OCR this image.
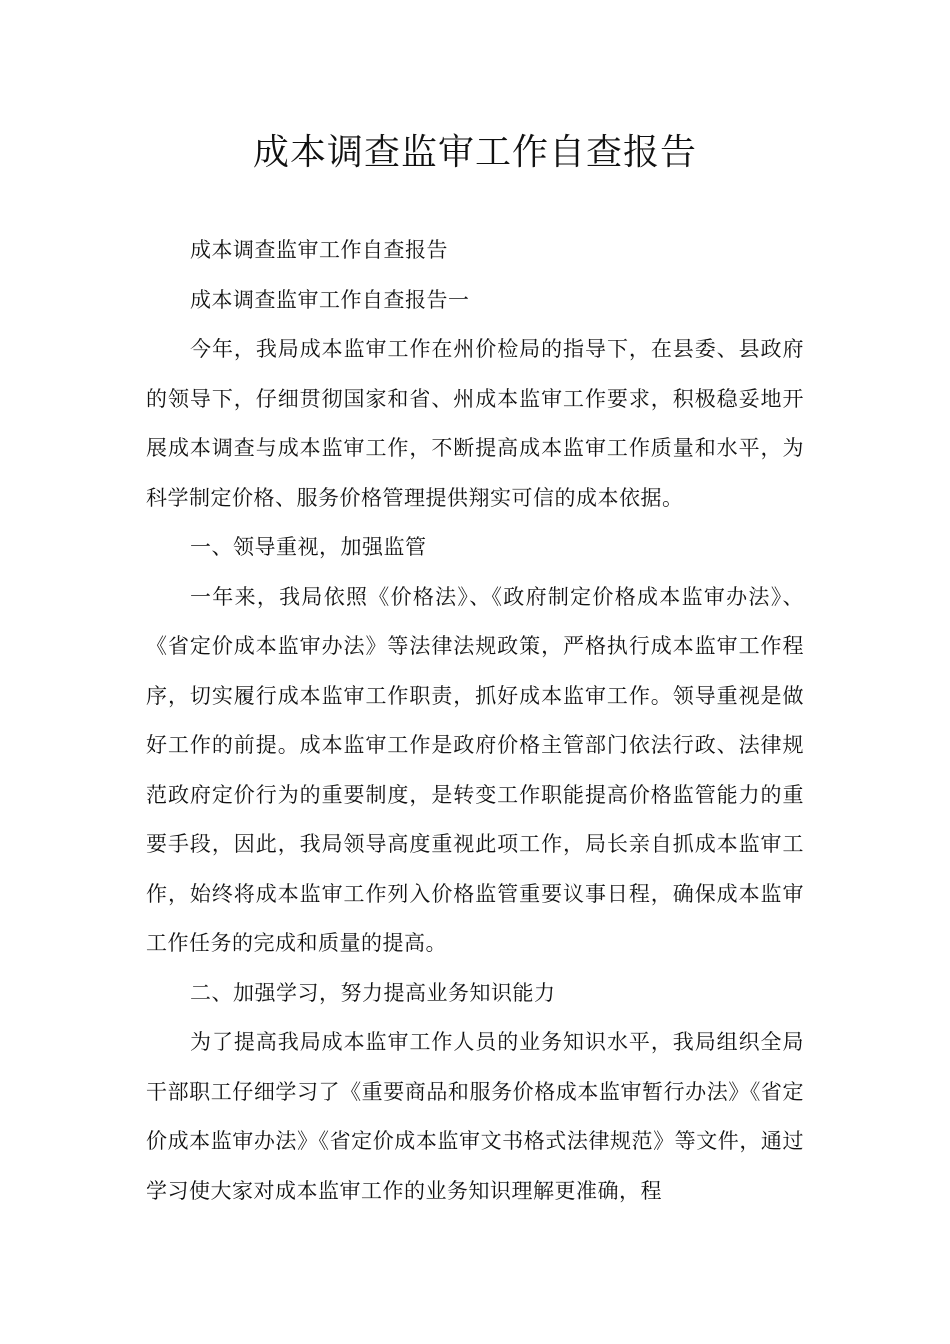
成本调查监审工作自查报告

成本调查监审工作自查报告

成本调查监审工作自查报告一

今年，我局成本监审工作在州价检局的指导下，在县委、县政府的领导下，仔细贯彻国家和省、州成本监审工作要求，积极稳妥地开展成本调查与成本监审工作，不断提高成本监审工作质量和水平，为科学制定价格、服务价格管理提供翔实可信的成本依据。

一、领导重视，加强监管

一年来，我局依照《价格法》、《政府制定价格成本监审办法》、《省定价成本监审办法》等法律法规政策，严格执行成本监审工作程序，切实履行成本监审工作职责，抓好成本监审工作。领导重视是做好工作的前提。成本监审工作是政府价格主管部门依法行政、法律规范政府定价行为的重要制度，是转变工作职能提高价格监管能力的重要手段，因此，我局领导高度重视此项工作，局长亲自抓成本监审工作，始终将成本监审工作列入价格监管重要议事日程，确保成本监审工作任务的完成和质量的提高。

二、加强学习，努力提高业务知识能力

为了提高我局成本监审工作人员的业务知识水平，我局组织全局干部职工仔细学习了《重要商品和服务价格成本监审暂行办法》《省定价成本监审办法》《省定价成本监审文书格式法律规范》等文件，通过学习使大家对成本监审工作的业务知识理解更准确，程
